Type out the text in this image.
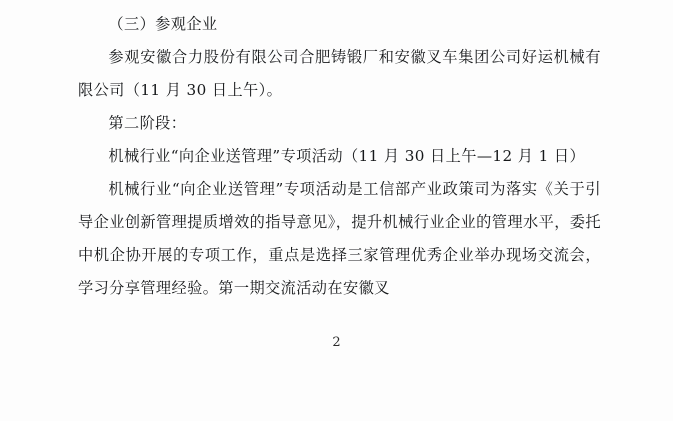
（三）参观企业

参观安徽合力股份有限公司合肥铸锻厂和安徽叉车集团公司好运机械有限公司（11 月 30 日上午）。

第二阶段：

机械行业“向企业送管理”专项活动（11 月 30 日上午—12 月 1 日）

机械行业“向企业送管理”专项活动是工信部产业政策司为落实《关于引导企业创新管理提质增效的指导意见》，提升机械行业企业的管理水平，委托中机企协开展的专项工作，重点是选择三家管理优秀企业举办现场交流会，学习分享管理经验。第一期交流活动在安徽叉

2
